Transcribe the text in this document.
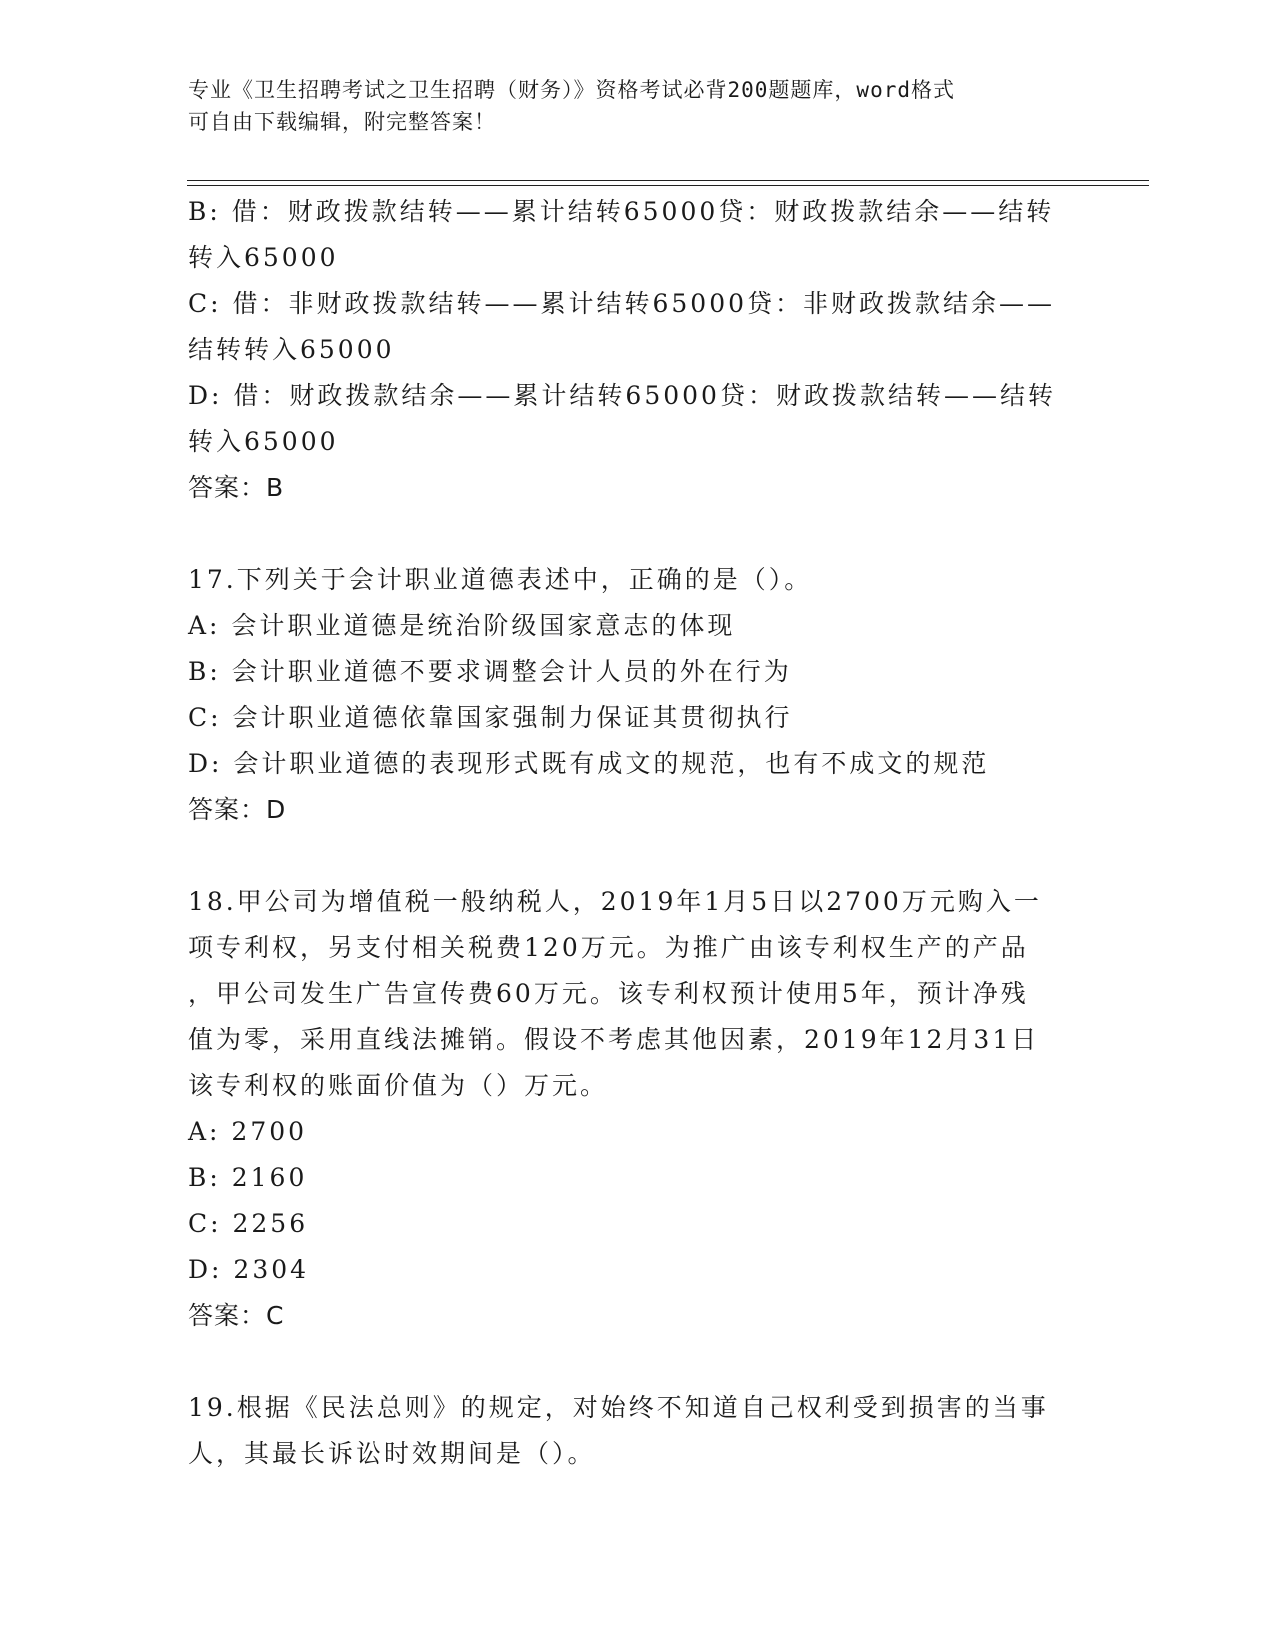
专业《卫生招聘考试之卫生招聘（财务）》资格考试必背200题题库，word格式
可自由下载编辑，附完整答案！
B: 借：财政拨款结转——累计结转65000贷：财政拨款结余——结转
转入65000
C: 借：非财政拨款结转——累计结转65000贷：非财政拨款结余——
结转转入65000
D: 借：财政拨款结余——累计结转65000贷：财政拨款结转——结转
转入65000
答案：B
17.下列关于会计职业道德表述中，正确的是（）。
A: 会计职业道德是统治阶级国家意志的体现
B: 会计职业道德不要求调整会计人员的外在行为
C: 会计职业道德依靠国家强制力保证其贯彻执行
D: 会计职业道德的表现形式既有成文的规范，也有不成文的规范
答案：D
18.甲公司为增值税一般纳税人，2019年1月5日以2700万元购入一
项专利权，另支付相关税费120万元。为推广由该专利权生产的产品
，甲公司发生广告宣传费60万元。该专利权预计使用5年，预计净残
值为零，采用直线法摊销。假设不考虑其他因素，2019年12月31日
该专利权的账面价值为（）万元。
A: 2700
B: 2160
C: 2256
D: 2304
答案：C
19.根据《民法总则》的规定，对始终不知道自己权利受到损害的当事
人，其最长诉讼时效期间是（）。
